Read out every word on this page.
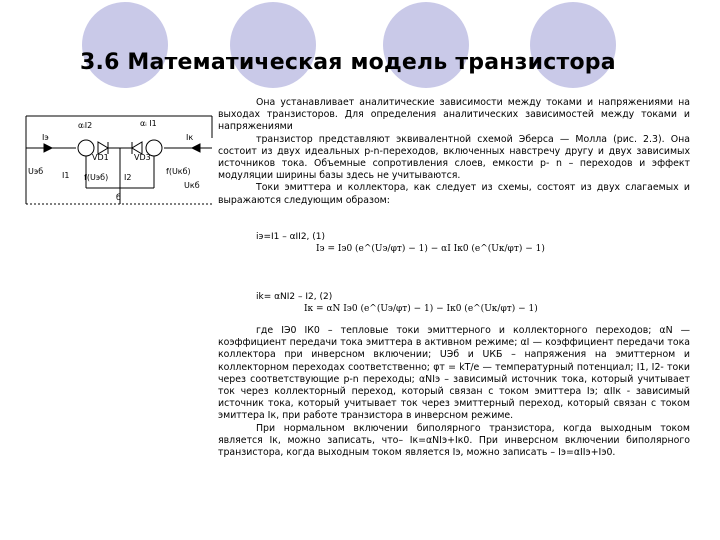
3.6 Математическая модель транзистора
αᵢI2	αᵢ I1
Iэ	Iк
VD1	VD3
Uэб I1 f(Uэб) I2
f(Uкб)
Uкб
б

Она устанавливает аналитические зависимости между токами и напряжениями на выходах транзисторов. Для определения аналитических зависимостей между токами и напряжениями

транзистор представляют эквивалентной схемой Эберса — Молла (рис. 2.3). Она состоит из двух идеальных p-n-переходов, включенных навстречу другу и двух зависимых источников тока. Объемные сопротивления слоев, емкости p- n – переходов и эффект модуляции ширины базы здесь не учитываются.

Токи эмиттера и коллектора, как следует из схемы, состоят из двух слагаемых и выражаются следующим образом:

iэ=I1 – αII2, (1)
Iэ = Iэ0 (e^(Uэ/φт) − 1) − αI Iк0 (e^(Uк/φт) − 1)
ik= αNI2 – I2, (2)
Iк = αN Iэ0 (e^(Uэ/φт) − 1) − Iк0 (e^(Uк/φт) − 1)

где IЭ0 IК0 – тепловые токи эмиттерного и коллекторного переходов; αN — коэффициент передачи тока эмиттера в активном режиме; αI — коэффициент передачи тока коллектора при инверсном включении; UЭб и UКБ – напряжения на эмиттерном и коллекторном переходах соответственно; φт = kT/e — температурный потенциал; I1, I2- токи через соответствующие p-n переходы; αNIэ – зависимый источник тока, который учитывает ток через коллекторный переход, который связан с током эмиттера Iэ; αIIк - зависимый источник тока, который учитывает ток через эмиттерный переход, который связан с током эмиттера Iк, при работе транзистора в инверсном режиме.

При нормальном включении биполярного транзистора, когда выходным током является Iк, можно записать, что– Iк=αNIэ+Iк0. При инверсном включении биполярного транзистора, когда выходным током является Iэ, можно записать – Iэ=αIIэ+Iэ0.
